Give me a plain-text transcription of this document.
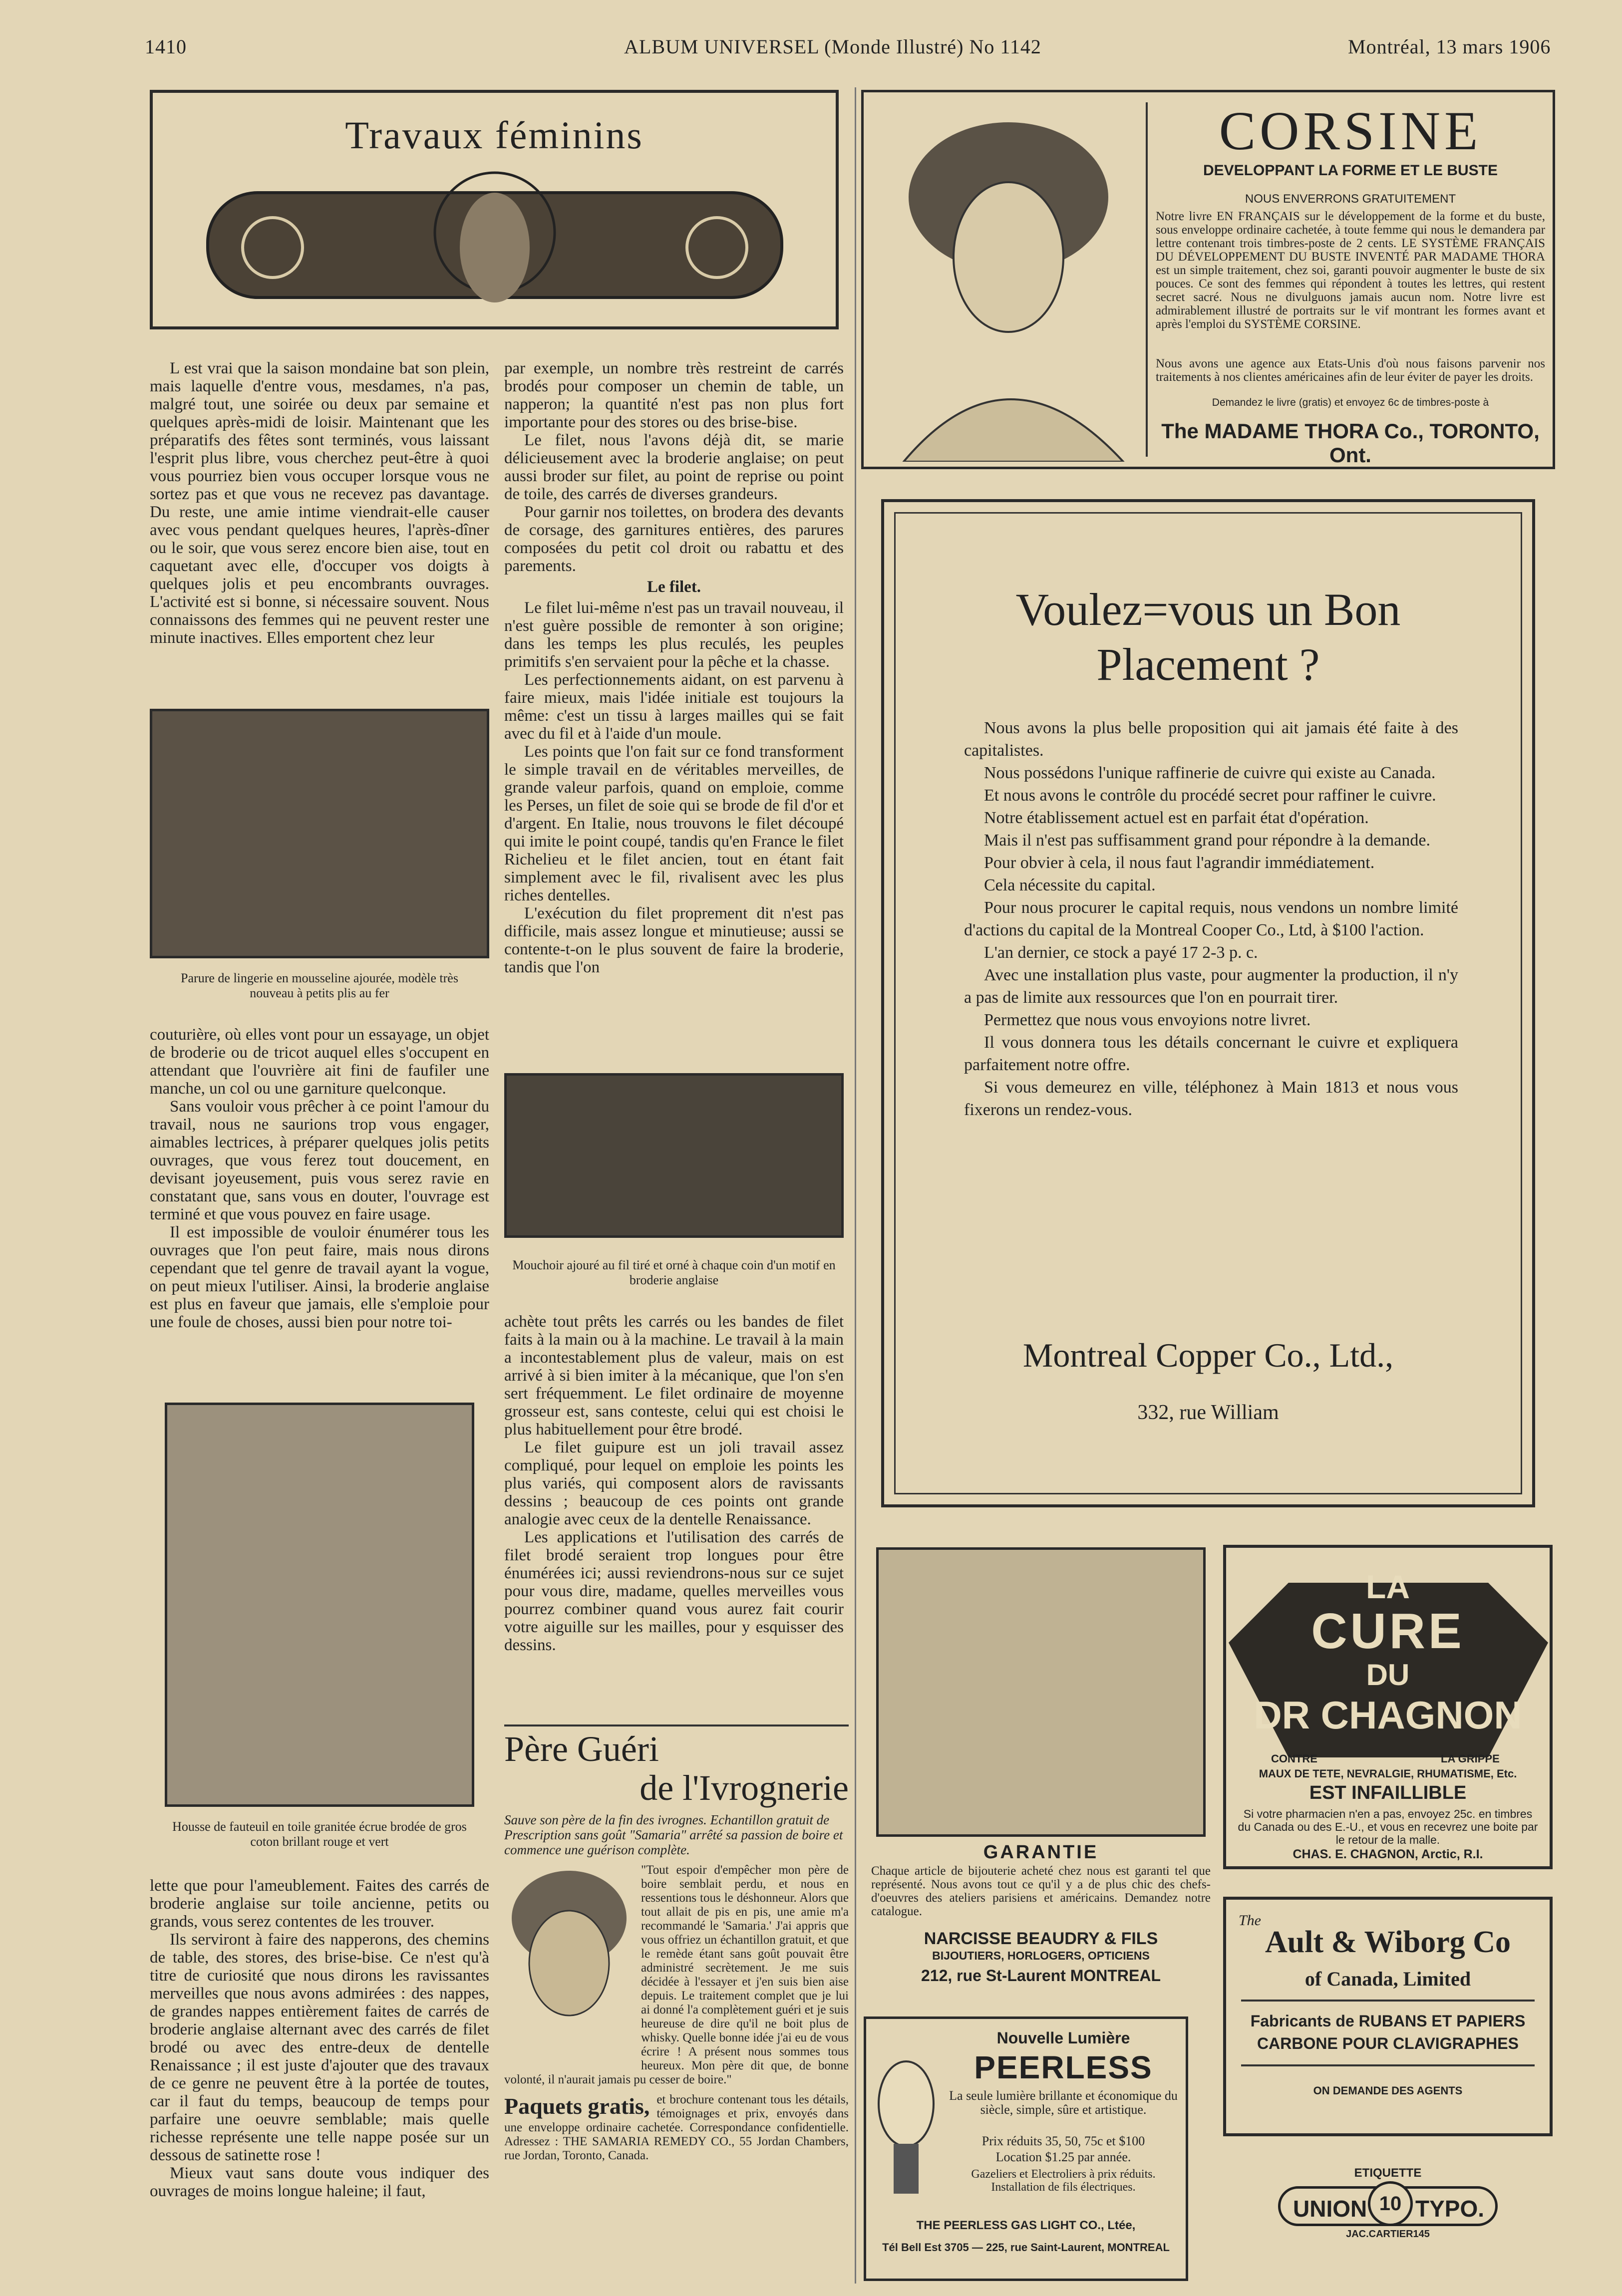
1410	ALBUM UNIVERSEL (Monde Illustré) No 1142	Montréal, 13 mars 1906
Travaux féminins

L est vrai que la saison mondaine bat son plein, mais laquelle d'entre vous, mesdames, n'a pas, malgré tout, une soirée ou deux par semaine et quelques après-midi de loisir. Maintenant que les préparatifs des fêtes sont terminés, vous laissant l'esprit plus libre, vous cherchez peut-être à quoi vous pourriez bien vous occuper lorsque vous ne sortez pas et que vous ne recevez pas davantage. Du reste, une amie intime viendrait-elle causer avec vous pendant quelques heures, l'après-dîner ou le soir, que vous serez encore bien aise, tout en caquetant avec elle, d'occuper vos doigts à quelques jolis et peu encombrants ouvrages. L'activité est si bonne, si nécessaire souvent. Nous connaissons des femmes qui ne peuvent rester une minute inactives. Elles emportent chez leur

Parure de lingerie en mousseline ajourée, modèle très nouveau à petits plis au fer

couturière, où elles vont pour un essayage, un objet de broderie ou de tricot auquel elles s'occupent en attendant que l'ouvrière ait fini de faufiler une manche, un col ou une garniture quelconque.

Sans vouloir vous prêcher à ce point l'amour du travail, nous ne saurions trop vous engager, aimables lectrices, à préparer quelques jolis petits ouvrages, que vous ferez tout doucement, en devisant joyeusement, puis vous serez ravie en constatant que, sans vous en douter, l'ouvrage est terminé et que vous pouvez en faire usage.

Il est impossible de vouloir énumérer tous les ouvrages que l'on peut faire, mais nous dirons cependant que tel genre de travail ayant la vogue, on peut mieux l'utiliser. Ainsi, la broderie anglaise est plus en faveur que jamais, elle s'emploie pour une foule de choses, aussi bien pour notre toi-

Housse de fauteuil en toile granitée écrue brodée de gros coton brillant rouge et vert

lette que pour l'ameublement. Faites des carrés de broderie anglaise sur toile ancienne, petits ou grands, vous serez contentes de les trouver.

Ils serviront à faire des napperons, des chemins de table, des stores, des brise-bise. Ce n'est qu'à titre de curiosité que nous dirons les ravissantes merveilles que nous avons admirées : des nappes, de grandes nappes entièrement faites de carrés de broderie anglaise alternant avec des carrés de filet brodé ou avec des entre-deux de dentelle Renaissance ; il est juste d'ajouter que des travaux de ce genre ne peuvent être à la portée de toutes, car il faut du temps, beaucoup de temps pour parfaire une oeuvre semblable; mais quelle richesse représente une telle nappe posée sur un dessous de satinette rose !

Mieux vaut sans doute vous indiquer des ouvrages de moins longue haleine; il faut,

par exemple, un nombre très restreint de carrés brodés pour composer un chemin de table, un napperon; la quantité n'est pas non plus fort importante pour des stores ou des brise-bise.

Le filet, nous l'avons déjà dit, se marie délicieusement avec la broderie anglaise; on peut aussi broder sur filet, au point de reprise ou point de toile, des carrés de diverses grandeurs.

Pour garnir nos toilettes, on brodera des devants de corsage, des garnitures entières, des parures composées du petit col droit ou rabattu et des parements.

Le filet.

Le filet lui-même n'est pas un travail nouveau, il n'est guère possible de remonter à son origine; dans les temps les plus reculés, les peuples primitifs s'en servaient pour la pêche et la chasse.

Les perfectionnements aidant, on est parvenu à faire mieux, mais l'idée initiale est toujours la même: c'est un tissu à larges mailles qui se fait avec du fil et à l'aide d'un moule.

Les points que l'on fait sur ce fond transforment le simple travail en de véritables merveilles, de grande valeur parfois, quand on emploie, comme les Perses, un filet de soie qui se brode de fil d'or et d'argent. En Italie, nous trouvons le filet découpé qui imite le point coupé, tandis qu'en France le filet Richelieu et le filet ancien, tout en étant fait simplement avec le fil, rivalisent avec les plus riches dentelles.

L'exécution du filet proprement dit n'est pas difficile, mais assez longue et minutieuse; aussi se contente-t-on le plus souvent de faire la broderie, tandis que l'on

Mouchoir ajouré au fil tiré et orné à chaque coin d'un motif en broderie anglaise

achète tout prêts les carrés ou les bandes de filet faits à la main ou à la machine. Le travail à la main a incontestablement plus de valeur, mais on est arrivé à si bien imiter à la mécanique, que l'on s'en sert fréquemment. Le filet ordinaire de moyenne grosseur est, sans conteste, celui qui est choisi le plus habituellement pour être brodé.

Le filet guipure est un joli travail assez compliqué, pour lequel on emploie les points les plus variés, qui composent alors de ravissants dessins ; beaucoup de ces points ont grande analogie avec ceux de la dentelle Renaissance.

Les applications et l'utilisation des carrés de filet brodé seraient trop longues pour être énumérées ici; aussi reviendrons-nous sur ce sujet pour vous dire, madame, quelles merveilles vous pourrez combiner quand vous aurez fait courir votre aiguille sur les mailles, pour y esquisser des dessins.

Père Guéri
de l'Ivrognerie
Sauve son père de la fin des ivrognes. Echantillon gratuit de Prescription sans goût "Samaria" arrêté sa passion de boire et commence une guérison complète.
"Tout espoir d'empêcher mon père de boire semblait perdu, et nous en ressentions tous le déshonneur. Alors que tout allait de pis en pis, une amie m'a recommandé le 'Samaria.' J'ai appris que vous offriez un échantillon gratuit, et que le remède étant sans goût pouvait être administré secrètement. Je me suis décidée à l'essayer et j'en suis bien aise depuis. Le traitement complet que je lui ai donné l'a complètement guéri et je suis heureuse de dire qu'il ne boit plus de whisky. Quelle bonne idée j'ai eu de vous écrire ! A présent nous sommes tous heureux. Mon père dit que, de bonne volonté, il n'aurait jamais pu cesser de boire."
Paquets gratis, et brochure contenant tous les détails, témoignages et prix, envoyés dans une enveloppe ordinaire cachetée. Correspondance confidentielle. Adressez : THE SAMARIA REMEDY CO., 55 Jordan Chambers, rue Jordan, Toronto, Canada.
CORSINE
DEVELOPPANT LA FORME ET LE BUSTE
NOUS ENVERRONS GRATUITEMENT
Notre livre EN FRANÇAIS sur le développement de la forme et du buste, sous enveloppe ordinaire cachetée, à toute femme qui nous le demandera par lettre contenant trois timbres-poste de 2 cents. LE SYSTÈME FRANÇAIS DU DÉVELOPPEMENT DU BUSTE INVENTÉ PAR MADAME THORA est un simple traitement, chez soi, garanti pouvoir augmenter le buste de six pouces. Ce sont des femmes qui répondent à toutes les lettres, qui restent secret sacré. Nous ne divulguons jamais aucun nom. Notre livre est admirablement illustré de portraits sur le vif montrant les formes avant et après l'emploi du SYSTÈME CORSINE.
Nous avons une agence aux Etats-Unis d'où nous faisons parvenir nos traitements à nos clientes américaines afin de leur éviter de payer les droits.
Demandez le livre (gratis) et envoyez 6c de timbres-poste à
The MADAME THORA Co., TORONTO, Ont.
Voulez=vous un Bon
Placement ?
Nous avons la plus belle proposition qui ait jamais été faite à des capitalistes.
Nous possédons l'unique raffinerie de cuivre qui existe au Canada.
Et nous avons le contrôle du procédé secret pour raffiner le cuivre.
Notre établissement actuel est en parfait état d'opération.
Mais il n'est pas suffisamment grand pour répondre à la demande.
Pour obvier à cela, il nous faut l'agrandir immédiatement.
Cela nécessite du capital.
Pour nous procurer le capital requis, nous vendons un nombre limité d'actions du capital de la Montreal Cooper Co., Ltd, à $100 l'action.
L'an dernier, ce stock a payé 17 2-3 p. c.
Avec une installation plus vaste, pour augmenter la production, il n'y a pas de limite aux ressources que l'on en pourrait tirer.
Permettez que nous vous envoyions notre livret.
Il vous donnera tous les détails concernant le cuivre et expliquera parfaitement notre offre.
Si vous demeurez en ville, téléphonez à Main 1813 et nous vous fixerons un rendez-vous.
Montreal Copper Co., Ltd.,
332, rue William
GARANTIE
Chaque article de bijouterie acheté chez nous est garanti tel que représenté. Nous avons tout ce qu'il y a de plus chic des chefs-d'oeuvres des ateliers parisiens et américains. Demandez notre catalogue.
NARCISSE BEAUDRY & FILS
BIJOUTIERS, HORLOGERS, OPTICIENS
212, rue St-Laurent MONTREAL
Nouvelle Lumière
PEERLESS
La seule lumière brillante et économique du siècle, simple, sûre et artistique.
Prix réduits 35, 50, 75c et $100
Location $1.25 par année.
Gazeliers et Electroliers à prix réduits. Installation de fils électriques.
THE PEERLESS GAS LIGHT CO., Ltée,
Tél Bell Est 3705 — 225, rue Saint-Laurent, MONTREAL
LA
CURE
DU
DR CHAGNON
CONTRE	LA GRIPPE
MAUX DE TETE, NEVRALGIE, RHUMATISME, Etc.
EST INFAILLIBLE
Si votre pharmacien n'en a pas, envoyez 25c. en timbres du Canada ou des E.-U., et vous en recevrez une boite par le retour de la malle.
CHAS. E. CHAGNON, Arctic, R.I.
The
Ault & Wiborg Co
of Canada, Limited
Fabricants de RUBANS ET PAPIERS
CARBONE POUR CLAVIGRAPHES
ON DEMANDE DES AGENTS
ETIQUETTE
UNION 10 TYPO.
JAC.CARTIER145
